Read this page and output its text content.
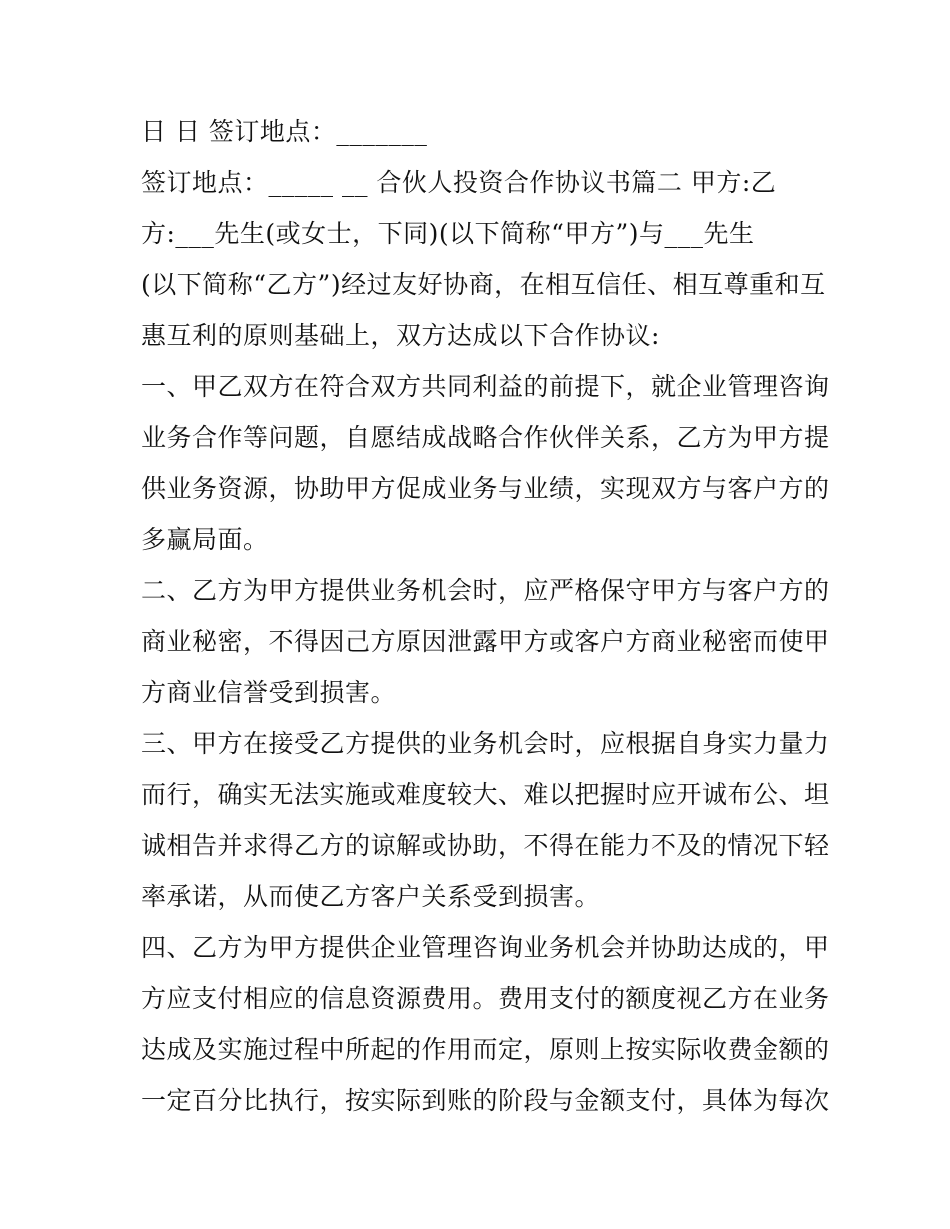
日 日 签订地点：_______
签订地点：_____ __ 合伙人投资合作协议书篇二 甲方:乙
方:___先生(或女士，下同)(以下简称“甲方”)与___先生
(以下简称“乙方”)经过友好协商，在相互信任、相互尊重和互
惠互利的原则基础上，双方达成以下合作协议:
一、甲乙双方在符合双方共同利益的前提下，就企业管理咨询
业务合作等问题，自愿结成战略合作伙伴关系，乙方为甲方提
供业务资源，协助甲方促成业务与业绩，实现双方与客户方的
多赢局面。
二、乙方为甲方提供业务机会时，应严格保守甲方与客户方的
商业秘密，不得因己方原因泄露甲方或客户方商业秘密而使甲
方商业信誉受到损害。
三、甲方在接受乙方提供的业务机会时，应根据自身实力量力
而行，确实无法实施或难度较大、难以把握时应开诚布公、坦
诚相告并求得乙方的谅解或协助，不得在能力不及的情况下轻
率承诺，从而使乙方客户关系受到损害。
四、乙方为甲方提供企业管理咨询业务机会并协助达成的，甲
方应支付相应的信息资源费用。费用支付的额度视乙方在业务
达成及实施过程中所起的作用而定，原则上按实际收费金额的
一定百分比执行，按实际到账的阶段与金额支付，具体为每次
